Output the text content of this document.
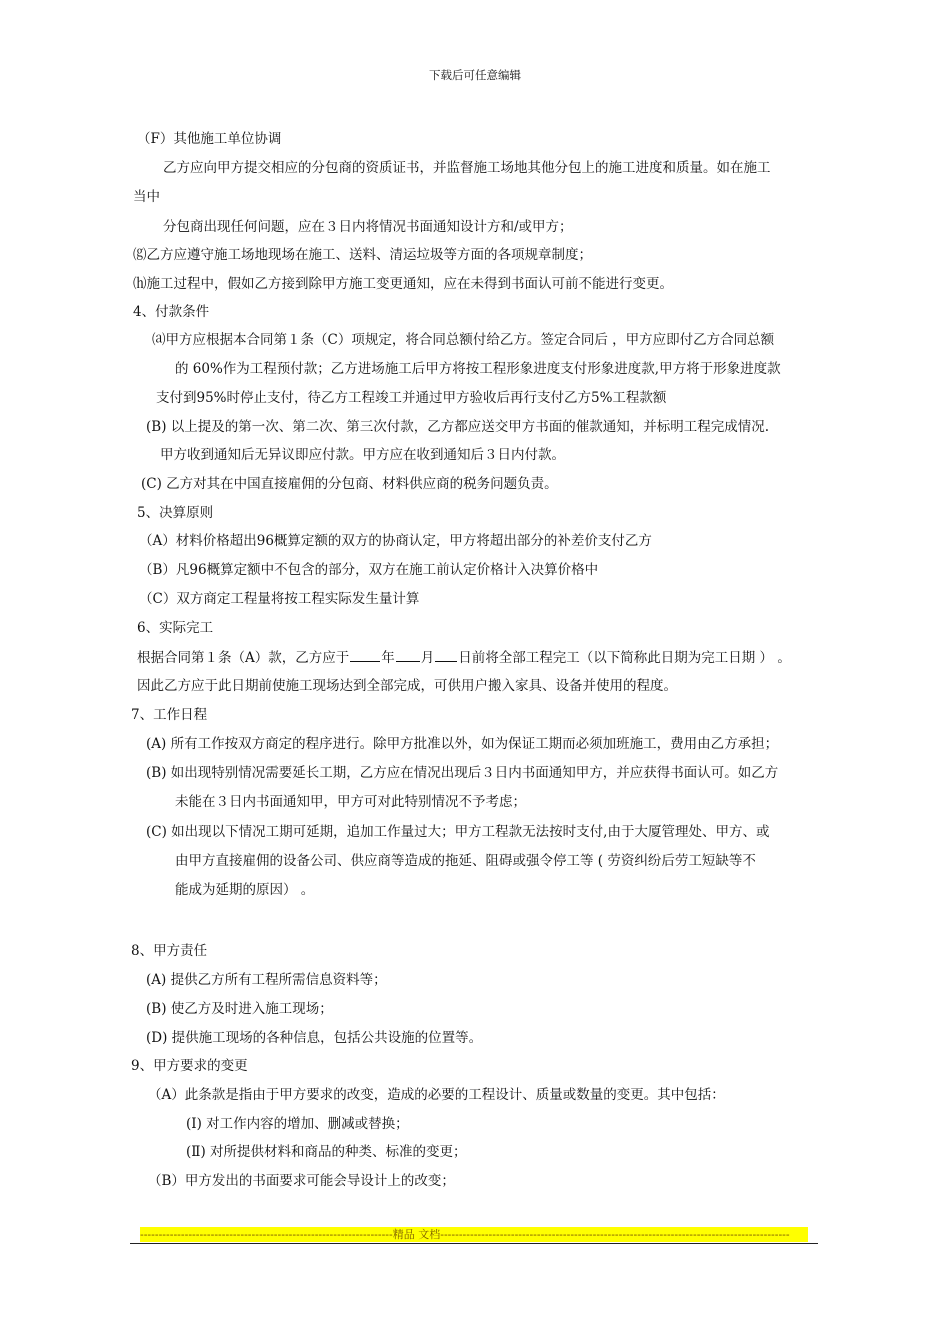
下载后可任意编辑
（F）其他施工单位协调
乙方应向甲方提交相应的分包商的资质证书，并监督施工场地其他分包上的施工进度和质量。如在施工
当中
分包商出现任何问题，应在３日内将情况书面通知设计方和/或甲方；
⒢乙方应遵守施工场地现场在施工、送料、清运垃圾等方面的各项规章制度；
⒣施工过程中，假如乙方接到除甲方施工变更通知，应在未得到书面认可前不能进行变更。
4、付款条件
⒜甲方应根据本合同第１条（C）项规定，将合同总额付给乙方。签定合同后 ，甲方应即付乙方合同总额
的 60%作为工程预付款；乙方进场施工后甲方将按工程形象进度支付形象进度款,甲方将于形象进度款
支付到95%时停止支付，待乙方工程竣工并通过甲方验收后再行支付乙方5%工程款额
(B) 以上提及的第一次、第二次、第三次付款，乙方都应送交甲方书面的催款通知，并标明工程完成情况.
甲方收到通知后无异议即应付款。甲方应在收到通知后３日内付款。
(C) 乙方对其在中国直接雇佣的分包商、材料供应商的税务问题负责。
5、决算原则
（A）材料价格超出96概算定额的双方的协商认定，甲方将超出部分的补差价支付乙方
（B）凡96概算定额中不包含的部分，双方在施工前认定价格计入决算价格中
（C）双方商定工程量将按工程实际发生量计算
6、实际完工
根据合同第１条（A）款，乙方应于 年 月 日前将全部工程完工（以下简称此日期为完工日期 ） 。
因此乙方应于此日期前使施工现场达到全部完成，可供用户搬入家具、设备并使用的程度。
7、工作日程
(A) 所有工作按双方商定的程序进行。除甲方批准以外，如为保证工期而必须加班施工，费用由乙方承担；
(B) 如出现特别情况需要延长工期，乙方应在情况出现后３日内书面通知甲方，并应获得书面认可。如乙方
未能在３日内书面通知甲，甲方可对此特别情况不予考虑；
(C) 如出现以下情况工期可延期，追加工作量过大；甲方工程款无法按时支付,由于大厦管理处、甲方、或
由甲方直接雇佣的设备公司、供应商等造成的拖延、阻碍或强令停工等 ( 劳资纠纷后劳工短缺等不
能成为延期的原因） 。
8、甲方责任
(A) 提供乙方所有工程所需信息资料等；
(B) 使乙方及时进入施工现场；
(D) 提供施工现场的各种信息，包括公共设施的位置等。
9、甲方要求的变更
（A）此条款是指由于甲方要求的改变，造成的必要的工程设计、质量或数量的变更。其中包括：
(Ⅰ) 对工作内容的增加、删减或替换；
(Ⅱ) 对所提供材料和商品的种类、标准的变更；
（B）甲方发出的书面要求可能会导设计上的改变；
--------------------------------------------------------------------精品 文档----------------------------------------------------------------------------------------------
